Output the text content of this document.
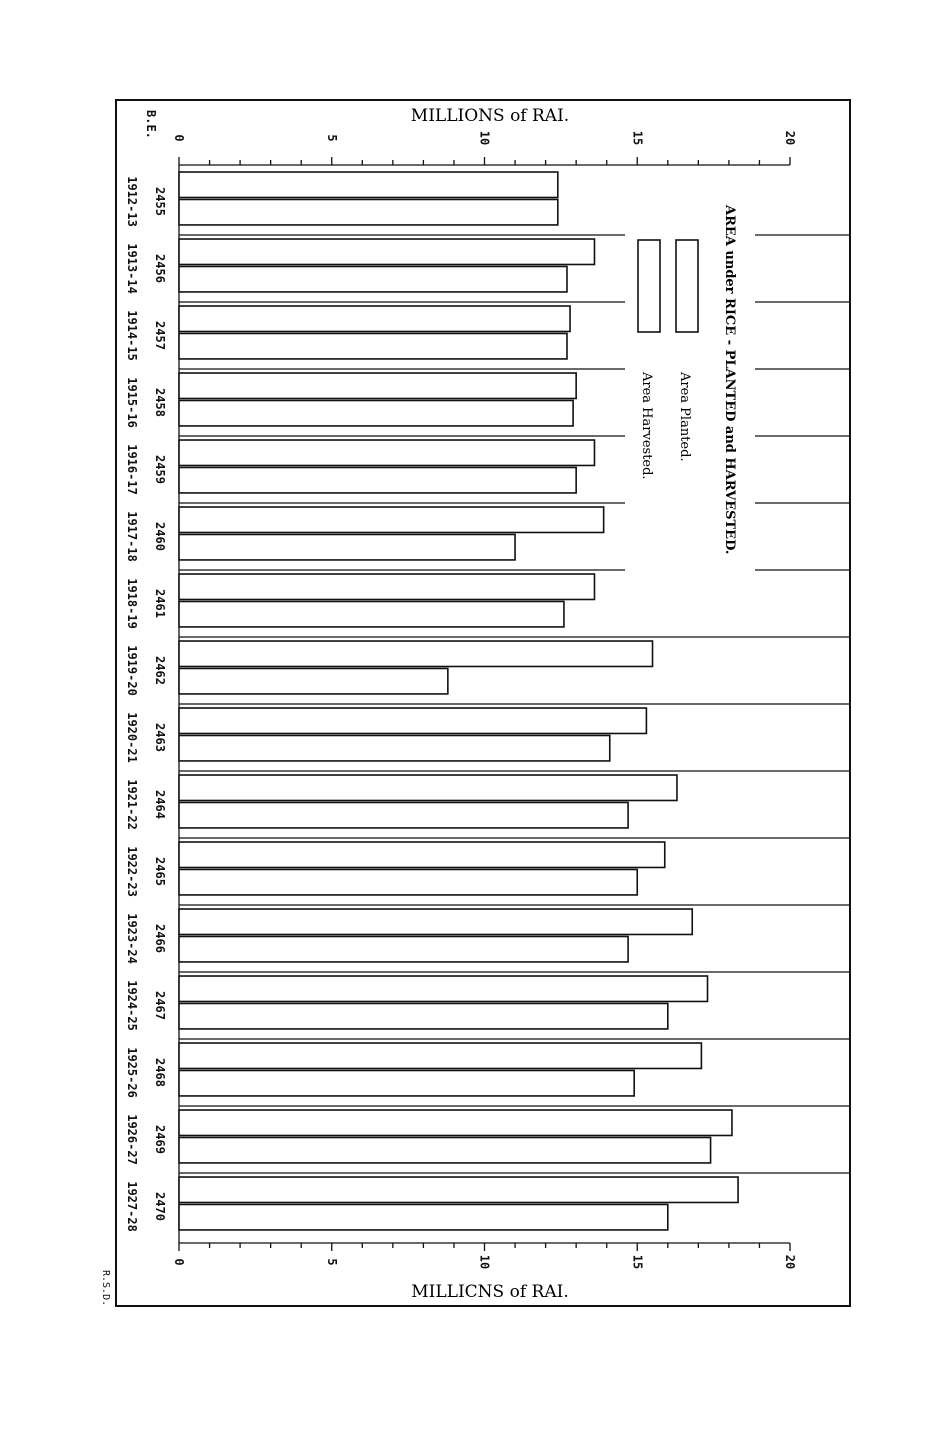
MILLIONS of RAI.
MILLICNS of RAI.
B.E. 0	5	10	15	20
0	5	10	15	20
2455
1912-13
2456
1913-14
2457
1914-15
2458
1915-16
2459
1916-17
2460
1917-18
2461
1918-19
2462
1919-20
2463
1920-21
2464
1921-22
2465
1922-23
2466
1923-24
2467
1924-25
2468
1925-26
2469
1926-27
2470
1927-28
AREA under RICE - PLANTED and HARVESTED.
Area Planted.
Area Harvested.
R.S.D.
